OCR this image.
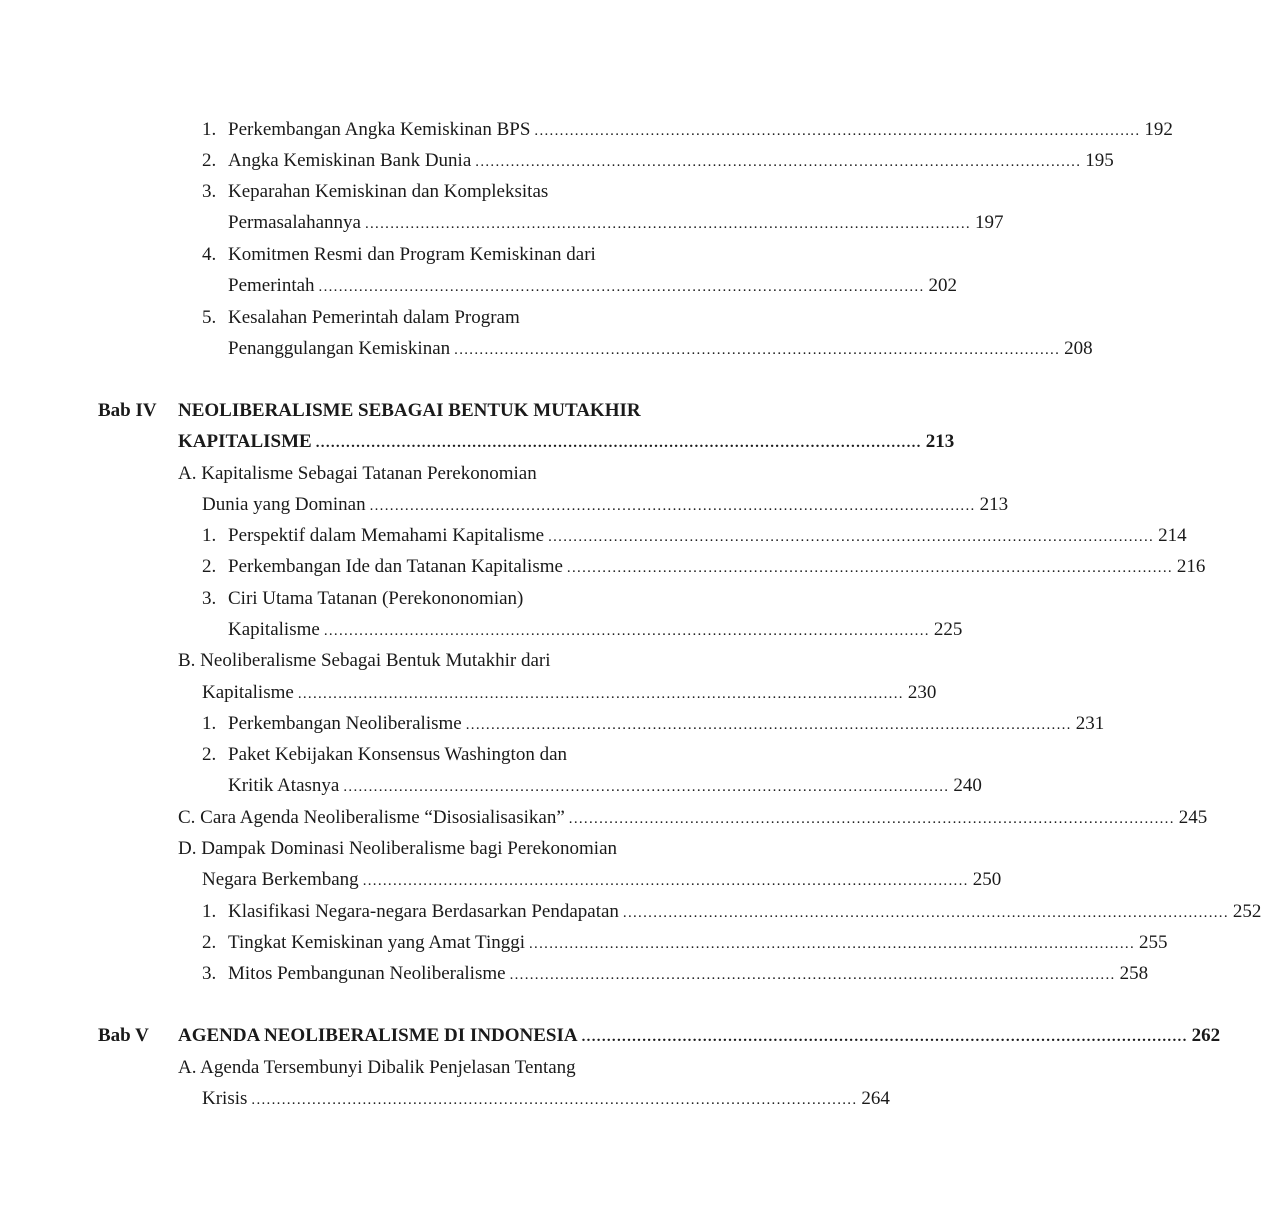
1. Perkembangan Angka Kemiskinan BPS ........................................................................................................................ 192
2. Angka Kemiskinan Bank Dunia ........................................................................................................................ 195
3. Keparahan Kemiskinan dan Kompleksitas
Permasalahannya ........................................................................................................................ 197
4. Komitmen Resmi dan Program Kemiskinan dari
Pemerintah ........................................................................................................................ 202
5. Kesalahan Pemerintah dalam Program
Penanggulangan Kemiskinan ........................................................................................................................ 208
Bab IV NEOLIBERALISME SEBAGAI BENTUK MUTAKHIR
KAPITALISME ........................................................................................................................ 213
A. Kapitalisme Sebagai Tatanan Perekonomian
Dunia yang Dominan ........................................................................................................................ 213
1. Perspektif dalam Memahami Kapitalisme ........................................................................................................................ 214
2. Perkembangan Ide dan Tatanan Kapitalisme ........................................................................................................................ 216
3. Ciri Utama Tatanan (Perekononomian)
Kapitalisme ........................................................................................................................ 225
B. Neoliberalisme Sebagai Bentuk Mutakhir dari
Kapitalisme ........................................................................................................................ 230
1. Perkembangan Neoliberalisme ........................................................................................................................ 231
2. Paket Kebijakan Konsensus Washington dan
Kritik Atasnya ........................................................................................................................ 240
C. Cara Agenda Neoliberalisme “Disosialisasikan” ........................................................................................................................ 245
D. Dampak Dominasi Neoliberalisme bagi Perekonomian
Negara Berkembang ........................................................................................................................ 250
1. Klasifikasi Negara-negara Berdasarkan Pendapatan ........................................................................................................................ 252
2. Tingkat Kemiskinan yang Amat Tinggi ........................................................................................................................ 255
3. Mitos Pembangunan Neoliberalisme ........................................................................................................................ 258
Bab V AGENDA NEOLIBERALISME DI INDONESIA ........................................................................................................................ 262
A. Agenda Tersembunyi Dibalik Penjelasan Tentang
Krisis ........................................................................................................................ 264
